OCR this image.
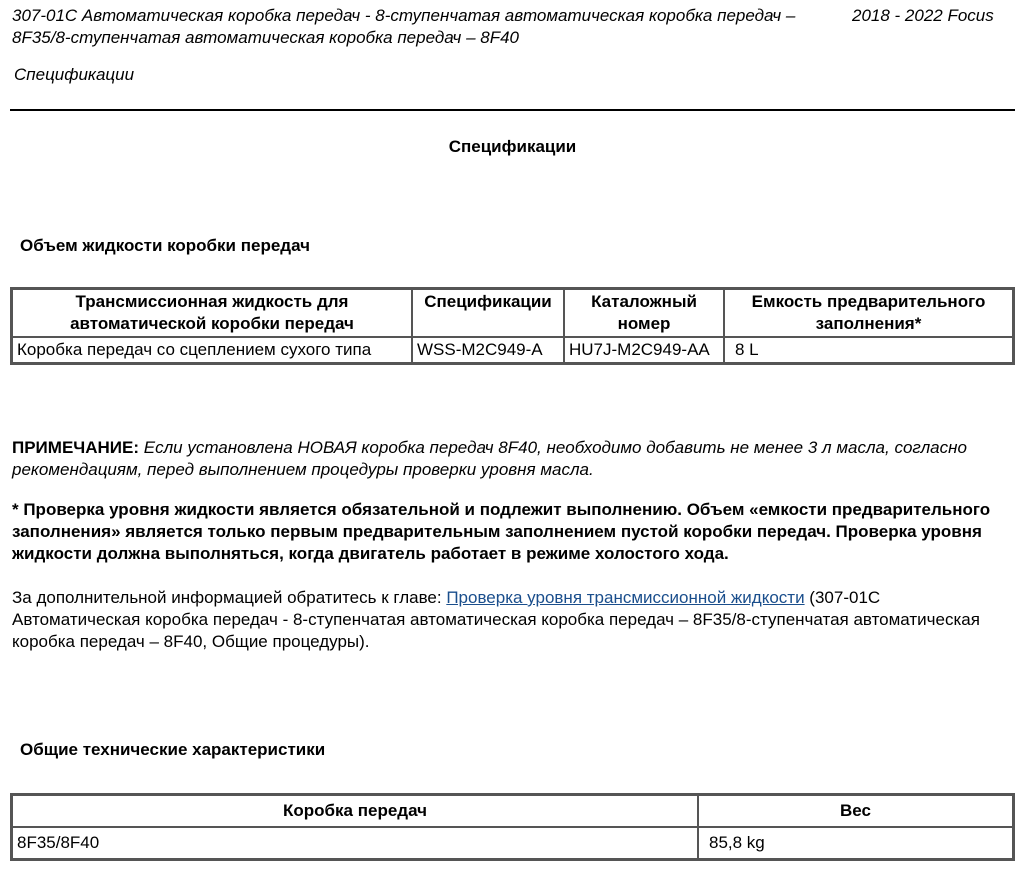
307-01C Автоматическая коробка передач - 8-ступенчатая автоматическая коробка передач – 8F35/8-ступенчатая автоматическая коробка передач – 8F40
2018 - 2022 Focus
Спецификации
Спецификации
Объем жидкости коробки передач
Трансмиссионная жидкость для автоматической коробки передач	Спецификации	Каталожный номер	Емкость предварительного заполнения*
Коробка передач со сцеплением сухого типа	WSS-M2C949-A	HU7J-M2C949-AA	8 L
ПРИМЕЧАНИЕ: Если установлена НОВАЯ коробка передач 8F40, необходимо добавить не менее 3 л масла, согласно рекомендациям, перед выполнением процедуры проверки уровня масла.
* Проверка уровня жидкости является обязательной и подлежит выполнению. Объем «емкости предварительного заполнения» является только первым предварительным заполнением пустой коробки передач. Проверка уровня жидкости должна выполняться, когда двигатель работает в режиме холостого хода.
За дополнительной информацией обратитесь к главе: Проверка уровня трансмиссионной жидкости (307-01C Автоматическая коробка передач - 8-ступенчатая автоматическая коробка передач – 8F35/8-ступенчатая автоматическая коробка передач – 8F40, Общие процедуры).
Общие технические характеристики
Коробка передач	Вес
8F35/8F40	85,8 kg
